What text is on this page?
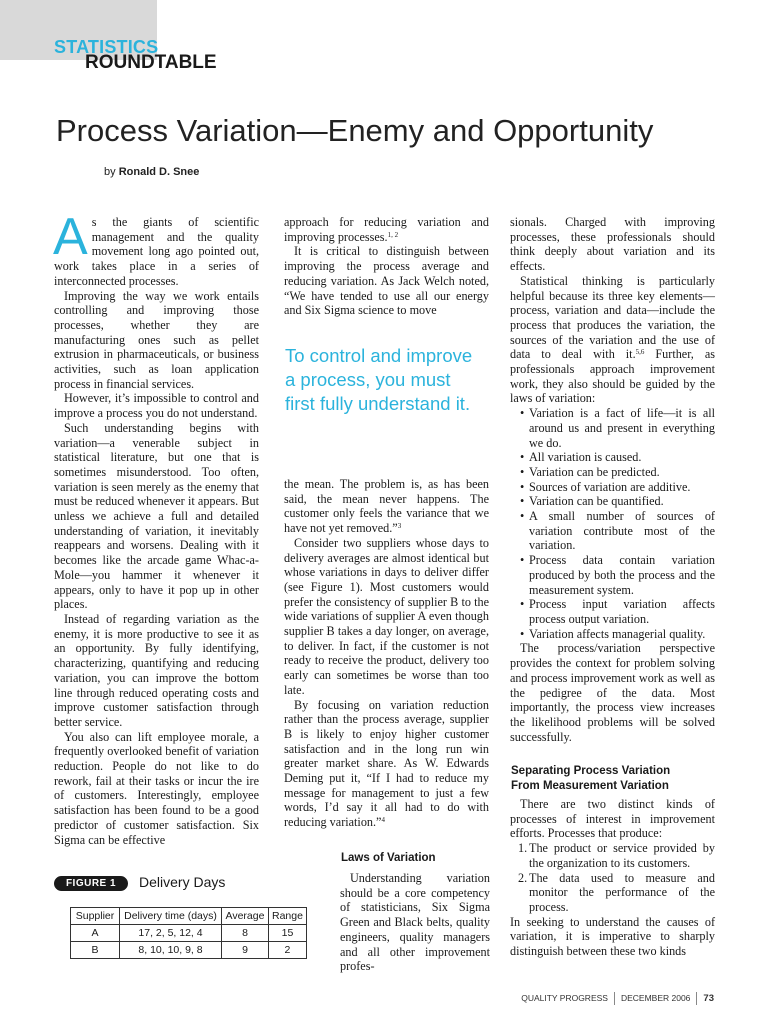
STATISTICS
ROUNDTABLE
Process Variation—Enemy and Opportunity
by Ronald D. Snee

As the giants of scientific management and the quality movement long ago pointed out, work takes place in a series of interconnected processes.

Improving the way we work entails controlling and improving those processes, whether they are manufacturing ones such as pellet extrusion in pharmaceuticals, or business activities, such as loan application process in financial services.

However, it’s impossible to control and improve a process you do not understand.

Such understanding begins with variation—a venerable subject in statistical literature, but one that is sometimes misunderstood. Too often, variation is seen merely as the enemy that must be reduced whenever it appears. But unless we achieve a full and detailed understanding of variation, it inevitably reappears and worsens. Dealing with it becomes like the arcade game Whac-a-Mole—you hammer it whenever it appears, only to have it pop up in other places.

Instead of regarding variation as the enemy, it is more productive to see it as an opportunity. By fully identifying, characterizing, quantifying and reducing variation, you can improve the bottom line through reduced operating costs and improve customer satisfaction through better service.

You also can lift employee morale, a frequently overlooked benefit of variation reduction. People do not like to do rework, fail at their tasks or incur the ire of customers. Interestingly, employee satisfaction has been found to be a good predictor of customer satisfaction. Six Sigma can be effective

approach for reducing variation and improving processes.$^{1, 2}$

It is critical to distinguish between improving the process average and reducing variation. As Jack Welch noted, “We have tended to use all our energy and Six Sigma science to move

To control and improve a process, you must first fully understand it.

the mean. The problem is, as has been said, the mean never happens. The customer only feels the variance that we have not yet removed.”$^3$

Consider two suppliers whose days to delivery averages are almost identical but whose variations in days to deliver differ (see Figure 1). Most customers would prefer the consistency of supplier B to the wide variations of supplier A even though supplier B takes a day longer, on average, to deliver. In fact, if the customer is not ready to receive the product, delivery too early can sometimes be worse than too late.

By focusing on variation reduction rather than the process average, supplier B is likely to enjoy higher customer satisfaction and in the long run win greater market share. As W. Edwards Deming put it, “If I had to reduce my message for management to just a few words, I’d say it all had to do with reducing variation.”$^4$

Laws of Variation

Understanding variation should be a core competency of statisticians, Six Sigma Green and Black belts, quality engineers, quality managers and all other improvement profes-

sionals. Charged with improving processes, these professionals should think deeply about variation and its effects.

Statistical thinking is particularly helpful because its three key elements—process, variation and data—include the process that produces the variation, the sources of the variation and the use of data to deal with it.$^{5,6}$ Further, as professionals approach improvement work, they also should be guided by the laws of variation:

• Variation is a fact of life—it is all around us and present in everything we do.
• All variation is caused.
• Variation can be predicted.
• Sources of variation are additive.
• Variation can be quantified.
• A small number of sources of variation contribute most of the variation.
• Process data contain variation produced by both the process and the measurement system.
• Process input variation affects process output variation.
• Variation affects managerial quality.

The process/variation perspective provides the context for problem solving and process improvement work as well as the pedigree of the data. Most importantly, the process view increases the likelihood problems will be solved successfully.

Separating Process Variation
From Measurement Variation

There are two distinct kinds of processes of interest in improvement efforts. Processes that produce:

1. The product or service provided by the organization to its customers.
2. The data used to measure and monitor the performance of the process.

In seeking to understand the causes of variation, it is imperative to sharply distinguish between these two kinds

FIGURE 1	Delivery Days
Supplier	Delivery time (days)	Average	Range
A	17, 2, 5, 12, 4	8	15
B	8, 10, 10, 9, 8	9	2
QUALITY PROGRESS DECEMBER 2006 73
